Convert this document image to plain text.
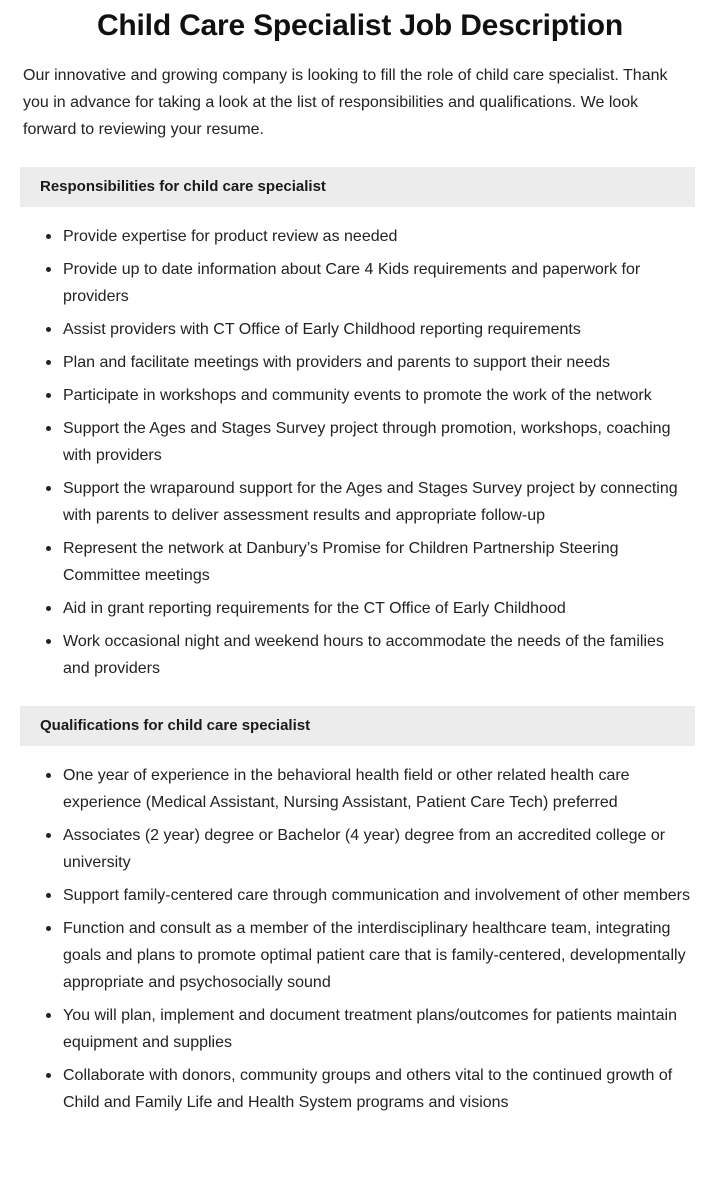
Child Care Specialist Job Description

Our innovative and growing company is looking to fill the role of child care specialist. Thank you in advance for taking a look at the list of responsibilities and qualifications. We look forward to reviewing your resume.

Responsibilities for child care specialist
Provide expertise for product review as needed
Provide up to date information about Care 4 Kids requirements and paperwork for providers
Assist providers with CT Office of Early Childhood reporting requirements
Plan and facilitate meetings with providers and parents to support their needs
Participate in workshops and community events to promote the work of the network
Support the Ages and Stages Survey project through promotion, workshops, coaching with providers
Support the wraparound support for the Ages and Stages Survey project by connecting with parents to deliver assessment results and appropriate follow-up
Represent the network at Danbury’s Promise for Children Partnership Steering Committee meetings
Aid in grant reporting requirements for the CT Office of Early Childhood
Work occasional night and weekend hours to accommodate the needs of the families and providers
Qualifications for child care specialist
One year of experience in the behavioral health field or other related health care experience (Medical Assistant, Nursing Assistant, Patient Care Tech) preferred
Associates (2 year) degree or Bachelor (4 year) degree from an accredited college or university
Support family-centered care through communication and involvement of other members
Function and consult as a member of the interdisciplinary healthcare team, integrating goals and plans to promote optimal patient care that is family-centered, developmentally appropriate and psychosocially sound
You will plan, implement and document treatment plans/outcomes for patients maintain equipment and supplies
Collaborate with donors, community groups and others vital to the continued growth of Child and Family Life and Health System programs and visions
